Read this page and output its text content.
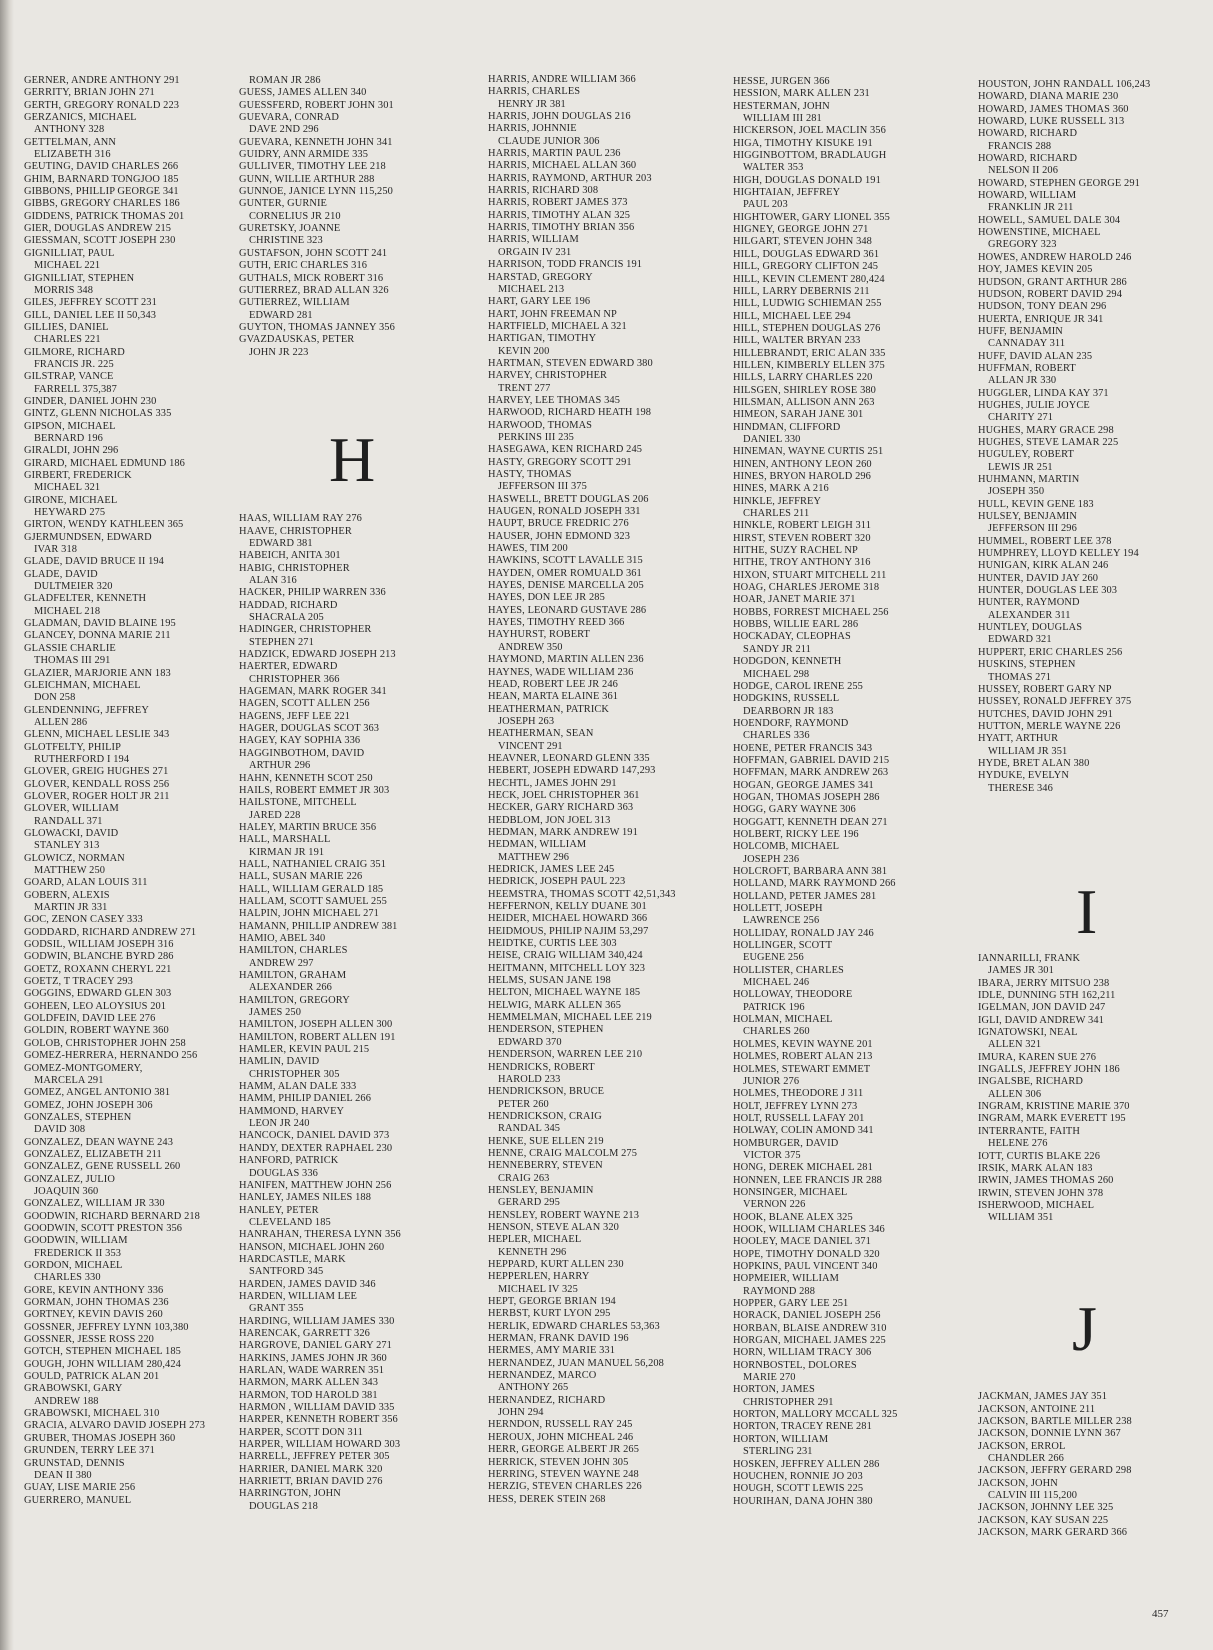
GERNER, ANDRE ANTHONY 291
GERRITY, BRIAN JOHN 271
GERTH, GREGORY RONALD 223
GERZANICS, MICHAEL
ANTHONY 328
GETTELMAN, ANN
ELIZABETH 316
GEUTING, DAVID CHARLES 266
GHIM, BARNARD TONGJOO 185
GIBBONS, PHILLIP GEORGE 341
GIBBS, GREGORY CHARLES 186
GIDDENS, PATRICK THOMAS 201
GIER, DOUGLAS ANDREW 215
GIESSMAN, SCOTT JOSEPH 230
GIGNILLIAT, PAUL
MICHAEL 221
GIGNILLIAT, STEPHEN
MORRIS 348
GILES, JEFFREY SCOTT 231
GILL, DANIEL LEE II 50,343
GILLIES, DANIEL
CHARLES 221
GILMORE, RICHARD
FRANCIS JR. 225
GILSTRAP, VANCE
FARRELL 375,387
GINDER, DANIEL JOHN 230
GINTZ, GLENN NICHOLAS 335
GIPSON, MICHAEL
BERNARD 196
GIRALDI, JOHN 296
GIRARD, MICHAEL EDMUND 186
GIRBERT, FREDERICK
MICHAEL 321
GIRONE, MICHAEL
HEYWARD 275
GIRTON, WENDY KATHLEEN 365
GJERMUNDSEN, EDWARD
IVAR 318
GLADE, DAVID BRUCE II 194
GLADE, DAVID
DULTMEIER 320
GLADFELTER, KENNETH
MICHAEL 218
GLADMAN, DAVID BLAINE 195
GLANCEY, DONNA MARIE 211
GLASSIE CHARLIE
THOMAS III 291
GLAZIER, MARJORIE ANN 183
GLEICHMAN, MICHAEL
DON 258
GLENDENNING, JEFFREY
ALLEN 286
GLENN, MICHAEL LESLIE 343
GLOTFELTY, PHILIP
RUTHERFORD I 194
GLOVER, GREIG HUGHES 271
GLOVER, KENDALL ROSS 256
GLOVER, ROGER HOLT JR 211
GLOVER, WILLIAM
RANDALL 371
GLOWACKI, DAVID
STANLEY 313
GLOWICZ, NORMAN
MATTHEW 250
GOARD, ALAN LOUIS 311
GOBERN, ALEXIS
MARTIN JR 331
GOC, ZENON CASEY 333
GODDARD, RICHARD ANDREW 271
GODSIL, WILLIAM JOSEPH 316
GODWIN, BLANCHE BYRD 286
GOETZ, ROXANN CHERYL 221
GOETZ, T TRACEY 293
GOGGINS, EDWARD GLEN 303
GOHEEN, LEO ALOYSIUS 201
GOLDFEIN, DAVID LEE 276
GOLDIN, ROBERT WAYNE 360
GOLOB, CHRISTOPHER JOHN 258
GOMEZ-HERRERA, HERNANDO 256
GOMEZ-MONTGOMERY,
MARCELA 291
GOMEZ, ANGEL ANTONIO 381
GOMEZ, JOHN JOSEPH 306
GONZALES, STEPHEN
DAVID 308
GONZALEZ, DEAN WAYNE 243
GONZALEZ, ELIZABETH 211
GONZALEZ, GENE RUSSELL 260
GONZALEZ, JULIO
JOAQUIN 360
GONZALEZ, WILLIAM JR 330
GOODWIN, RICHARD BERNARD 218
GOODWIN, SCOTT PRESTON 356
GOODWIN, WILLIAM
FREDERICK II 353
GORDON, MICHAEL
CHARLES 330
GORE, KEVIN ANTHONY 336
GORMAN, JOHN THOMAS 236
GORTNEY, KEVIN DAVIS 260
GOSSNER, JEFFREY LYNN 103,380
GOSSNER, JESSE ROSS 220
GOTCH, STEPHEN MICHAEL 185
GOUGH, JOHN WILLIAM 280,424
GOULD, PATRICK ALAN 201
GRABOWSKI, GARY
ANDREW 188
GRABOWSKI, MICHAEL 310
GRACIA, ALVARO DAVID JOSEPH 273
GRUBER, THOMAS JOSEPH 360
GRUNDEN, TERRY LEE 371
GRUNSTAD, DENNIS
DEAN II 380
GUAY, LISE MARIE 256
GUERRERO, MANUEL
ROMAN JR 286
GUESS, JAMES ALLEN 340
GUESSFERD, ROBERT JOHN 301
GUEVARA, CONRAD
DAVE 2ND 296
GUEVARA, KENNETH JOHN 341
GUIDRY, ANN ARMIDE 335
GULLIVER, TIMOTHY LEE 218
GUNN, WILLIE ARTHUR 288
GUNNOE, JANICE LYNN 115,250
GUNTER, GURNIE
CORNELIUS JR 210
GURETSKY, JOANNE
CHRISTINE 323
GUSTAFSON, JOHN SCOTT 241
GUTH, ERIC CHARLES 316
GUTHALS, MICK ROBERT 316
GUTIERREZ, BRAD ALLAN 326
GUTIERREZ, WILLIAM
EDWARD 281
GUYTON, THOMAS JANNEY 356
GVAZDAUSKAS, PETER
JOHN JR 223
HAAS, WILLIAM RAY 276
HAAVE, CHRISTOPHER
EDWARD 381
HABEICH, ANITA 301
HABIG, CHRISTOPHER
ALAN 316
HACKER, PHILIP WARREN 336
HADDAD, RICHARD
SHACRALA 205
HADINGER, CHRISTOPHER
STEPHEN 271
HADZICK, EDWARD JOSEPH 213
HAERTER, EDWARD
CHRISTOPHER 366
HAGEMAN, MARK ROGER 341
HAGEN, SCOTT ALLEN 256
HAGENS, JEFF LEE 221
HAGER, DOUGLAS SCOT 363
HAGEY, KAY SOPHIA 336
HAGGINBOTHOM, DAVID
ARTHUR 296
HAHN, KENNETH SCOT 250
HAILS, ROBERT EMMET JR 303
HAILSTONE, MITCHELL
JARED 228
HALEY, MARTIN BRUCE 356
HALL, MARSHALL
KIRMAN JR 191
HALL, NATHANIEL CRAIG 351
HALL, SUSAN MARIE 226
HALL, WILLIAM GERALD 185
HALLAM, SCOTT SAMUEL 255
HALPIN, JOHN MICHAEL 271
HAMANN, PHILLIP ANDREW 381
HAMIO, ABEL 340
HAMILTON, CHARLES
ANDREW 297
HAMILTON, GRAHAM
ALEXANDER 266
HAMILTON, GREGORY
JAMES 250
HAMILTON, JOSEPH ALLEN 300
HAMILTON, ROBERT ALLEN 191
HAMLER, KEVIN PAUL 215
HAMLIN, DAVID
CHRISTOPHER 305
HAMM, ALAN DALE 333
HAMM, PHILIP DANIEL 266
HAMMOND, HARVEY
LEON JR 240
HANCOCK, DANIEL DAVID 373
HANDY, DEXTER RAPHAEL 230
HANFORD, PATRICK
DOUGLAS 336
HANIFEN, MATTHEW JOHN 256
HANLEY, JAMES NILES 188
HANLEY, PETER
CLEVELAND 185
HANRAHAN, THERESA LYNN 356
HANSON, MICHAEL JOHN 260
HARDCASTLE, MARK
SANTFORD 345
HARDEN, JAMES DAVID 346
HARDEN, WILLIAM LEE
GRANT 355
HARDING, WILLIAM JAMES 330
HARENCAK, GARRETT 326
HARGROVE, DANIEL GARY 271
HARKINS, JAMES JOHN JR 360
HARLAN, WADE WARREN 351
HARMON, MARK ALLEN 343
HARMON, TOD HAROLD 381
HARMON , WILLIAM DAVID 335
HARPER, KENNETH ROBERT 356
HARPER, SCOTT DON 311
HARPER, WILLIAM HOWARD 303
HARRELL, JEFFREY PETER 305
HARRIER, DANIEL MARK 320
HARRIETT, BRIAN DAVID 276
HARRINGTON, JOHN
DOUGLAS 218
HARRIS, ANDRE WILLIAM 366
HARRIS, CHARLES
HENRY JR 381
HARRIS, JOHN DOUGLAS 216
HARRIS, JOHNNIE
CLAUDE JUNIOR 306
HARRIS, MARTIN PAUL 236
HARRIS, MICHAEL ALLAN 360
HARRIS, RAYMOND, ARTHUR 203
HARRIS, RICHARD 308
HARRIS, ROBERT JAMES 373
HARRIS, TIMOTHY ALAN 325
HARRIS, TIMOTHY BRIAN 356
HARRIS, WILLIAM
ORGAIN IV 231
HARRISON, TODD FRANCIS 191
HARSTAD, GREGORY
MICHAEL 213
HART, GARY LEE 196
HART, JOHN FREEMAN NP
HARTFIELD, MICHAEL A 321
HARTIGAN, TIMOTHY
KEVIN 200
HARTMAN, STEVEN EDWARD 380
HARVEY, CHRISTOPHER
TRENT 277
HARVEY, LEE THOMAS 345
HARWOOD, RICHARD HEATH 198
HARWOOD, THOMAS
PERKINS III 235
HASEGAWA, KEN RICHARD 245
HASTY, GREGORY SCOTT 291
HASTY, THOMAS
JEFFERSON III 375
HASWELL, BRETT DOUGLAS 206
HAUGEN, RONALD JOSEPH 331
HAUPT, BRUCE FREDRIC 276
HAUSER, JOHN EDMOND 323
HAWES, TIM 200
HAWKINS, SCOTT LAVALLE 315
HAYDEN, OMER ROMUALD 361
HAYES, DENISE MARCELLA 205
HAYES, DON LEE JR 285
HAYES, LEONARD GUSTAVE 286
HAYES, TIMOTHY REED 366
HAYHURST, ROBERT
ANDREW 350
HAYMOND, MARTIN ALLEN 236
HAYNES, WADE WILLIAM 236
HEAD, ROBERT LEE JR 246
HEAN, MARTA ELAINE 361
HEATHERMAN, PATRICK
JOSEPH 263
HEATHERMAN, SEAN
VINCENT 291
HEAVNER, LEONARD GLENN 335
HEBERT, JOSEPH EDWARD 147,293
HECHTL, JAMES JOHN 291
HECK, JOEL CHRISTOPHER 361
HECKER, GARY RICHARD 363
HEDBLOM, JON JOEL 313
HEDMAN, MARK ANDREW 191
HEDMAN, WILLIAM
MATTHEW 296
HEDRICK, JAMES LEE 245
HEDRICK, JOSEPH PAUL 223
HEEMSTRA, THOMAS SCOTT 42,51,343
HEFFERNON, KELLY DUANE 301
HEIDER, MICHAEL HOWARD 366
HEIDMOUS, PHILIP NAJIM 53,297
HEIDTKE, CURTIS LEE 303
HEISE, CRAIG WILLIAM 340,424
HEITMANN, MITCHELL LOY 323
HELMS, SUSAN JANE 198
HELTON, MICHAEL WAYNE 185
HELWIG, MARK ALLEN 365
HEMMELMAN, MICHAEL LEE 219
HENDERSON, STEPHEN
EDWARD 370
HENDERSON, WARREN LEE 210
HENDRICKS, ROBERT
HAROLD 233
HENDRICKSON, BRUCE
PETER 260
HENDRICKSON, CRAIG
RANDAL 345
HENKE, SUE ELLEN 219
HENNE, CRAIG MALCOLM 275
HENNEBERRY, STEVEN
CRAIG 263
HENSLEY, BENJAMIN
GERARD 295
HENSLEY, ROBERT WAYNE 213
HENSON, STEVE ALAN 320
HEPLER, MICHAEL
KENNETH 296
HEPPARD, KURT ALLEN 230
HEPPERLEN, HARRY
MICHAEL IV 325
HEPT, GEORGE BRIAN 194
HERBST, KURT LYON 295
HERLIK, EDWARD CHARLES 53,363
HERMAN, FRANK DAVID 196
HERMES, AMY MARIE 331
HERNANDEZ, JUAN MANUEL 56,208
HERNANDEZ, MARCO
ANTHONY 265
HERNANDEZ, RICHARD
JOHN 294
HERNDON, RUSSELL RAY 245
HEROUX, JOHN MICHEAL 246
HERR, GEORGE ALBERT JR 265
HERRICK, STEVEN JOHN 305
HERRING, STEVEN WAYNE 248
HERZIG, STEVEN CHARLES 226
HESS, DEREK STEIN 268
HESSE, JURGEN 366
HESSION, MARK ALLEN 231
HESTERMAN, JOHN
WILLIAM III 281
HICKERSON, JOEL MACLIN 356
HIGA, TIMOTHY KISUKE 191
HIGGINBOTTOM, BRADLAUGH
WALTER 353
HIGH, DOUGLAS DONALD 191
HIGHTAIAN, JEFFREY
PAUL 203
HIGHTOWER, GARY LIONEL 355
HIGNEY, GEORGE JOHN 271
HILGART, STEVEN JOHN 348
HILL, DOUGLAS EDWARD 361
HILL, GREGORY CLIFTON 245
HILL, KEVIN CLEMENT 280,424
HILL, LARRY DEBERNIS 211
HILL, LUDWIG SCHIEMAN 255
HILL, MICHAEL LEE 294
HILL, STEPHEN DOUGLAS 276
HILL, WALTER BRYAN 233
HILLEBRANDT, ERIC ALAN 335
HILLEN, KIMBERLY ELLEN 375
HILLS, LARRY CHARLES 220
HILSGEN, SHIRLEY ROSE 380
HILSMAN, ALLISON ANN 263
HIMEON, SARAH JANE 301
HINDMAN, CLIFFORD
DANIEL 330
HINEMAN, WAYNE CURTIS 251
HINEN, ANTHONY LEON 260
HINES, BRYON HAROLD 296
HINES, MARK A 216
HINKLE, JEFFREY
CHARLES 211
HINKLE, ROBERT LEIGH 311
HIRST, STEVEN ROBERT 320
HITHE, SUZY RACHEL NP
HITHE, TROY ANTHONY 316
HIXON, STUART MITCHELL 211
HOAG, CHARLES JEROME 318
HOAR, JANET MARIE 371
HOBBS, FORREST MICHAEL 256
HOBBS, WILLIE EARL 286
HOCKADAY, CLEOPHAS
SANDY JR 211
HODGDON, KENNETH
MICHAEL 298
HODGE, CAROL IRENE 255
HODGKINS, RUSSELL
DEARBORN JR 183
HOENDORF, RAYMOND
CHARLES 336
HOENE, PETER FRANCIS 343
HOFFMAN, GABRIEL DAVID 215
HOFFMAN, MARK ANDREW 263
HOGAN, GEORGE JAMES 341
HOGAN, THOMAS JOSEPH 286
HOGG, GARY WAYNE 306
HOGGATT, KENNETH DEAN 271
HOLBERT, RICKY LEE 196
HOLCOMB, MICHAEL
JOSEPH 236
HOLCROFT, BARBARA ANN 381
HOLLAND, MARK RAYMOND 266
HOLLAND, PETER JAMES 281
HOLLETT, JOSEPH
LAWRENCE 256
HOLLIDAY, RONALD JAY 246
HOLLINGER, SCOTT
EUGENE 256
HOLLISTER, CHARLES
MICHAEL 246
HOLLOWAY, THEODORE
PATRICK 196
HOLMAN, MICHAEL
CHARLES 260
HOLMES, KEVIN WAYNE 201
HOLMES, ROBERT ALAN 213
HOLMES, STEWART EMMET
JUNIOR 276
HOLMES, THEODORE J 311
HOLT, JEFFREY LYNN 273
HOLT, RUSSELL LAFAY 201
HOLWAY, COLIN AMOND 341
HOMBURGER, DAVID
VICTOR 375
HONG, DEREK MICHAEL 281
HONNEN, LEE FRANCIS JR 288
HONSINGER, MICHAEL
VERNON 226
HOOK, BLANE ALEX 325
HOOK, WILLIAM CHARLES 346
HOOLEY, MACE DANIEL 371
HOPE, TIMOTHY DONALD 320
HOPKINS, PAUL VINCENT 340
HOPMEIER, WILLIAM
RAYMOND 288
HOPPER, GARY LEE 251
HORACK, DANIEL JOSEPH 256
HORBAN, BLAISE ANDREW 310
HORGAN, MICHAEL JAMES 225
HORN, WILLIAM TRACY 306
HORNBOSTEL, DOLORES
MARIE 270
HORTON, JAMES
CHRISTOPHER 291
HORTON, MALLORY MCCALL 325
HORTON, TRACEY RENE 281
HORTON, WILLIAM
STERLING 231
HOSKEN, JEFFREY ALLEN 286
HOUCHEN, RONNIE JO 203
HOUGH, SCOTT LEWIS 225
HOURIHAN, DANA JOHN 380
HOUSTON, JOHN RANDALL 106,243
HOWARD, DIANA MARIE 230
HOWARD, JAMES THOMAS 360
HOWARD, LUKE RUSSELL 313
HOWARD, RICHARD
FRANCIS 288
HOWARD, RICHARD
NELSON II 206
HOWARD, STEPHEN GEORGE 291
HOWARD, WILLIAM
FRANKLIN JR 211
HOWELL, SAMUEL DALE 304
HOWENSTINE, MICHAEL
GREGORY 323
HOWES, ANDREW HAROLD 246
HOY, JAMES KEVIN 205
HUDSON, GRANT ARTHUR 286
HUDSON, ROBERT DAVID 294
HUDSON, TONY DEAN 296
HUERTA, ENRIQUE JR 341
HUFF, BENJAMIN
CANNADAY 311
HUFF, DAVID ALAN 235
HUFFMAN, ROBERT
ALLAN JR 330
HUGGLER, LINDA KAY 371
HUGHES, JULIE JOYCE
CHARITY 271
HUGHES, MARY GRACE 298
HUGHES, STEVE LAMAR 225
HUGULEY, ROBERT
LEWIS JR 251
HUHMANN, MARTIN
JOSEPH 350
HULL, KEVIN GENE 183
HULSEY, BENJAMIN
JEFFERSON III 296
HUMMEL, ROBERT LEE 378
HUMPHREY, LLOYD KELLEY 194
HUNIGAN, KIRK ALAN 246
HUNTER, DAVID JAY 260
HUNTER, DOUGLAS LEE 303
HUNTER, RAYMOND
ALEXANDER 311
HUNTLEY, DOUGLAS
EDWARD 321
HUPPERT, ERIC CHARLES 256
HUSKINS, STEPHEN
THOMAS 271
HUSSEY, ROBERT GARY NP
HUSSEY, RONALD JEFFREY 375
HUTCHES, DAVID JOHN 291
HUTTON, MERLE WAYNE 226
HYATT, ARTHUR
WILLIAM JR 351
HYDE, BRET ALAN 380
HYDUKE, EVELYN
THERESE 346
IANNARILLI, FRANK
JAMES JR 301
IBARA, JERRY MITSUO 238
IDLE, DUNNING 5TH 162,211
IGELMAN, JON DAVID 247
IGLI, DAVID ANDREW 341
IGNATOWSKI, NEAL
ALLEN 321
IMURA, KAREN SUE 276
INGALLS, JEFFREY JOHN 186
INGALSBE, RICHARD
ALLEN 306
INGRAM, KRISTINE MARIE 370
INGRAM, MARK EVERETT 195
INTERRANTE, FAITH
HELENE 276
IOTT, CURTIS BLAKE 226
IRSIK, MARK ALAN 183
IRWIN, JAMES THOMAS 260
IRWIN, STEVEN JOHN 378
ISHERWOOD, MICHAEL
WILLIAM 351
JACKMAN, JAMES JAY 351
JACKSON, ANTOINE 211
JACKSON, BARTLE MILLER 238
JACKSON, DONNIE LYNN 367
JACKSON, ERROL
CHANDLER 266
JACKSON, JEFFRY GERARD 298
JACKSON, JOHN
CALVIN III 115,200
JACKSON, JOHNNY LEE 325
JACKSON, KAY SUSAN 225
JACKSON, MARK GERARD 366
H
I
J
457
